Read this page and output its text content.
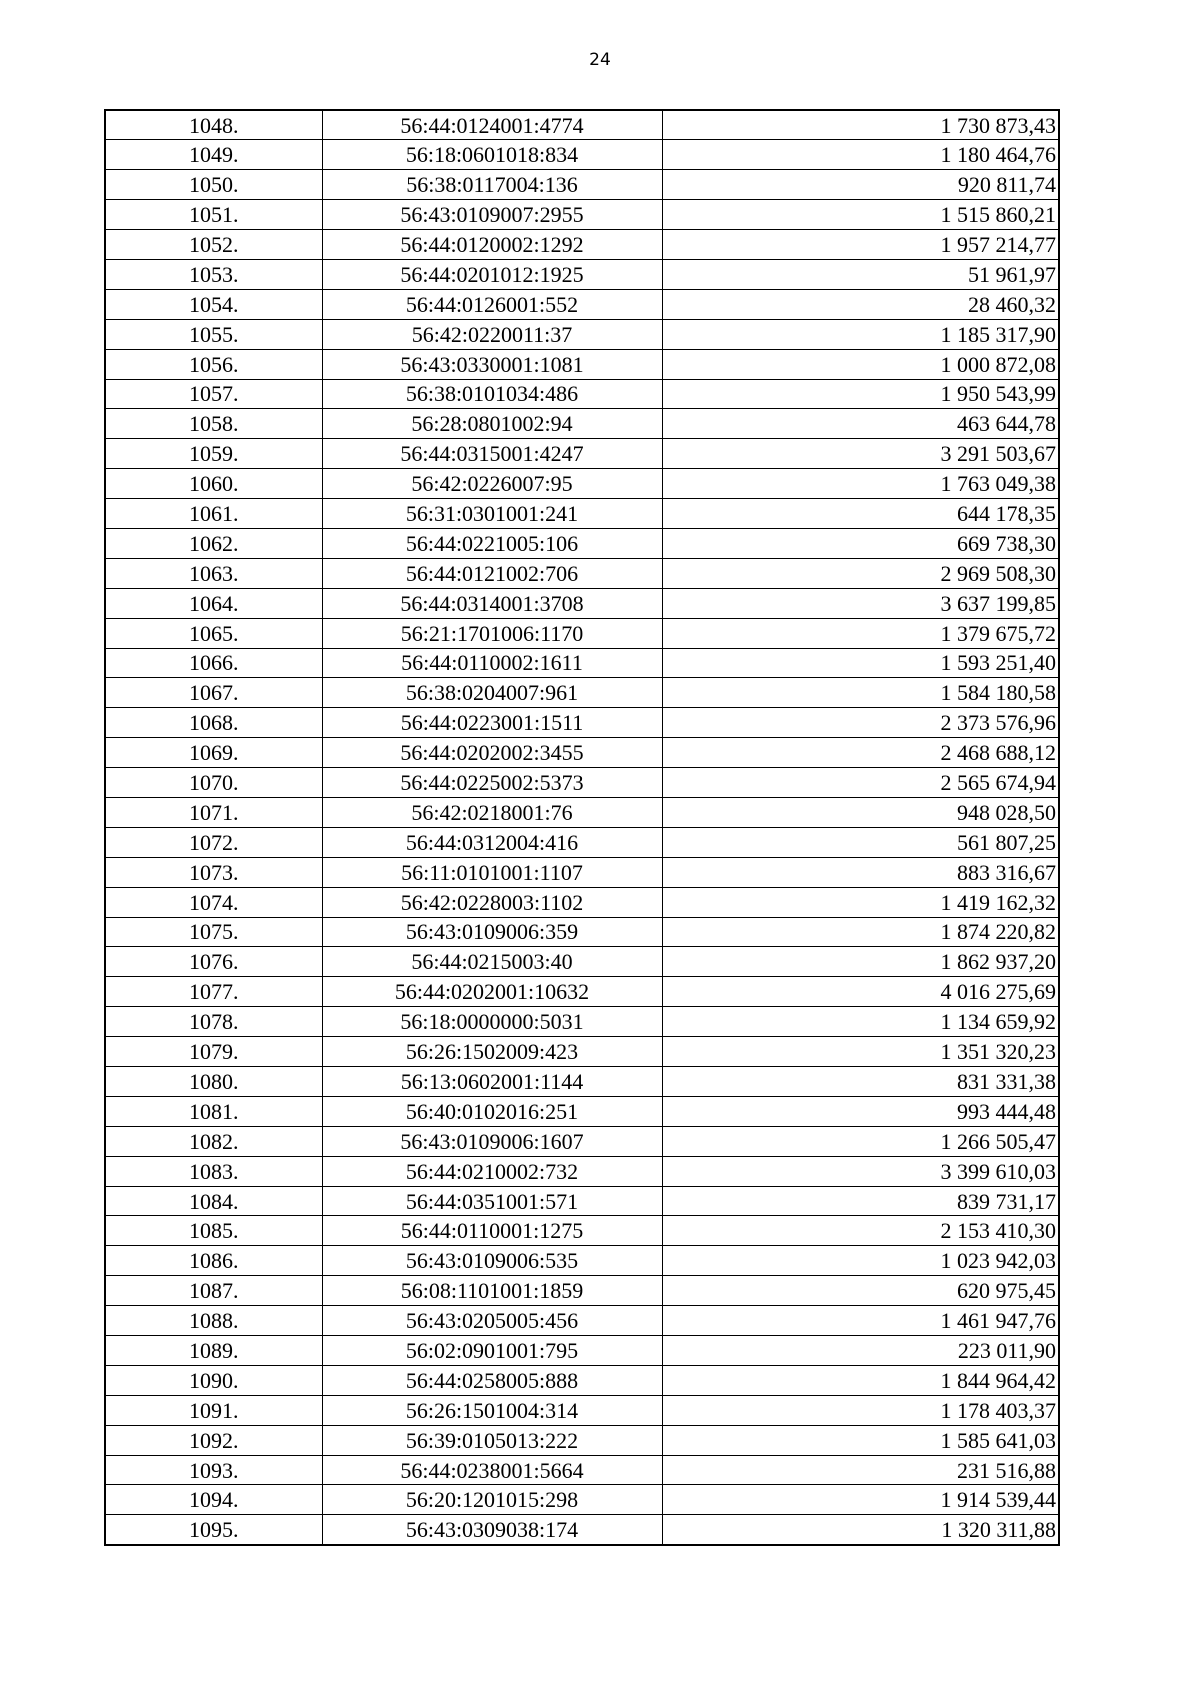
24
1048.	56:44:0124001:4774	1 730 873,43
1049.	56:18:0601018:834	1 180 464,76
1050.	56:38:0117004:136	920 811,74
1051.	56:43:0109007:2955	1 515 860,21
1052.	56:44:0120002:1292	1 957 214,77
1053.	56:44:0201012:1925	51 961,97
1054.	56:44:0126001:552	28 460,32
1055.	56:42:0220011:37	1 185 317,90
1056.	56:43:0330001:1081	1 000 872,08
1057.	56:38:0101034:486	1 950 543,99
1058.	56:28:0801002:94	463 644,78
1059.	56:44:0315001:4247	3 291 503,67
1060.	56:42:0226007:95	1 763 049,38
1061.	56:31:0301001:241	644 178,35
1062.	56:44:0221005:106	669 738,30
1063.	56:44:0121002:706	2 969 508,30
1064.	56:44:0314001:3708	3 637 199,85
1065.	56:21:1701006:1170	1 379 675,72
1066.	56:44:0110002:1611	1 593 251,40
1067.	56:38:0204007:961	1 584 180,58
1068.	56:44:0223001:1511	2 373 576,96
1069.	56:44:0202002:3455	2 468 688,12
1070.	56:44:0225002:5373	2 565 674,94
1071.	56:42:0218001:76	948 028,50
1072.	56:44:0312004:416	561 807,25
1073.	56:11:0101001:1107	883 316,67
1074.	56:42:0228003:1102	1 419 162,32
1075.	56:43:0109006:359	1 874 220,82
1076.	56:44:0215003:40	1 862 937,20
1077.	56:44:0202001:10632	4 016 275,69
1078.	56:18:0000000:5031	1 134 659,92
1079.	56:26:1502009:423	1 351 320,23
1080.	56:13:0602001:1144	831 331,38
1081.	56:40:0102016:251	993 444,48
1082.	56:43:0109006:1607	1 266 505,47
1083.	56:44:0210002:732	3 399 610,03
1084.	56:44:0351001:571	839 731,17
1085.	56:44:0110001:1275	2 153 410,30
1086.	56:43:0109006:535	1 023 942,03
1087.	56:08:1101001:1859	620 975,45
1088.	56:43:0205005:456	1 461 947,76
1089.	56:02:0901001:795	223 011,90
1090.	56:44:0258005:888	1 844 964,42
1091.	56:26:1501004:314	1 178 403,37
1092.	56:39:0105013:222	1 585 641,03
1093.	56:44:0238001:5664	231 516,88
1094.	56:20:1201015:298	1 914 539,44
1095.	56:43:0309038:174	1 320 311,88
